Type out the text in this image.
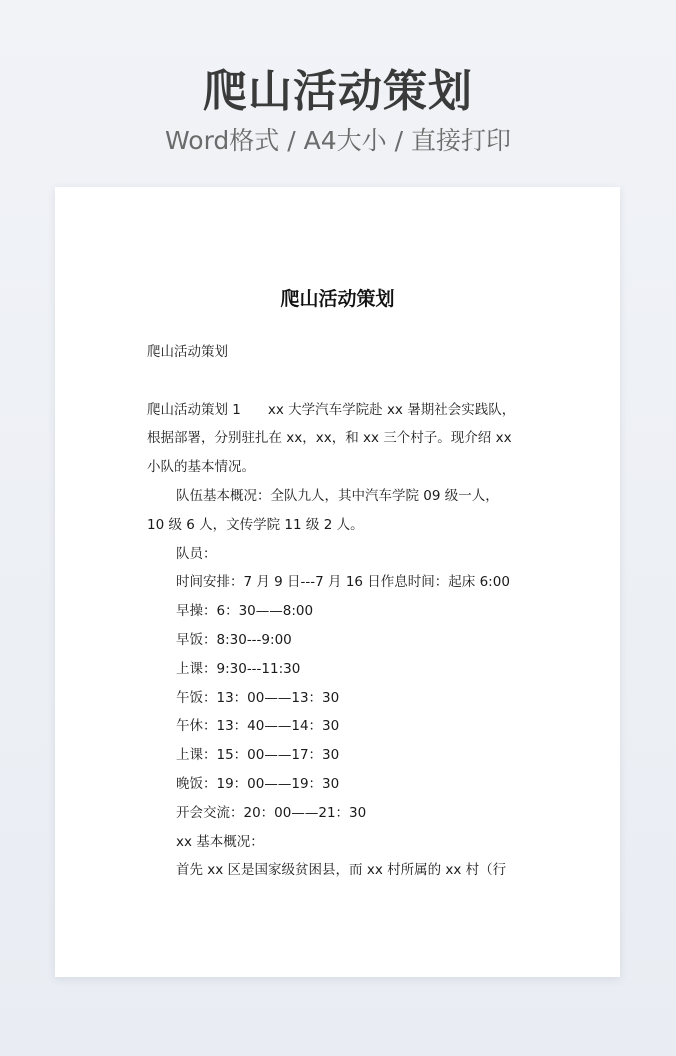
爬山活动策划
Word格式 / A4大小 / 直接打印
爬山活动策划

爬山活动策划

爬山活动策划 1　　xx 大学汽车学院赴 xx 暑期社会实践队，

根据部署，分别驻扎在 xx，xx，和 xx 三个村子。现介绍 xx

小队的基本情况。

队伍基本概况：全队九人，其中汽车学院 09 级一人，

10 级 6 人，文传学院 11 级 2 人。

队员：

时间安排：7 月 9 日---7 月 16 日作息时间：起床 6:00

早操：6：30——8:00

早饭：8:30---9:00

上课：9:30---11:30

午饭：13：00——13：30

午休：13：40——14：30

上课：15：00——17：30

晚饭：19：00——19：30

开会交流：20：00——21：30

xx 基本概况：

首先 xx 区是国家级贫困县，而 xx 村所属的 xx 村（行
